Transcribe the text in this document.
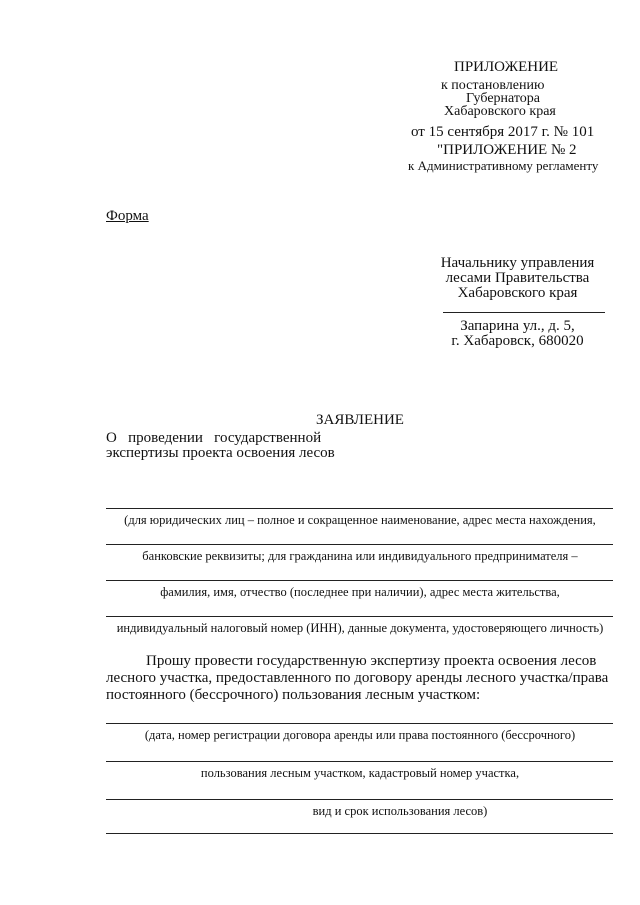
ПРИЛОЖЕНИЕ
к постановлению
Губернатора
Хабаровского края
от 15 сентября 2017 г. № 101
"ПРИЛОЖЕНИЕ № 2
к Административному регламенту
Форма
Начальнику управления
лесами Правительства
Хабаровского края
Запарина ул., д. 5,
г. Хабаровск, 680020
ЗАЯВЛЕНИЕ
О   проведении   государственной
экспертизы проекта освоения лесов
(для юридических лиц – полное и сокращенное наименование, адрес места нахождения,
банковские реквизиты; для гражданина или индивидуального предпринимателя –
фамилия, имя, отчество (последнее при наличии), адрес места жительства,
индивидуальный налоговый номер (ИНН), данные документа, удостоверяющего личность)
Прошу провести государственную экспертизу проекта освоения лесов
лесного участка, предоставленного по договору аренды лесного участка/права
постоянного (бессрочного) пользования лесным участком:
(дата, номер регистрации договора аренды или права постоянного (бессрочного)
пользования лесным участком, кадастровый номер участка,
вид и срок использования лесов)
